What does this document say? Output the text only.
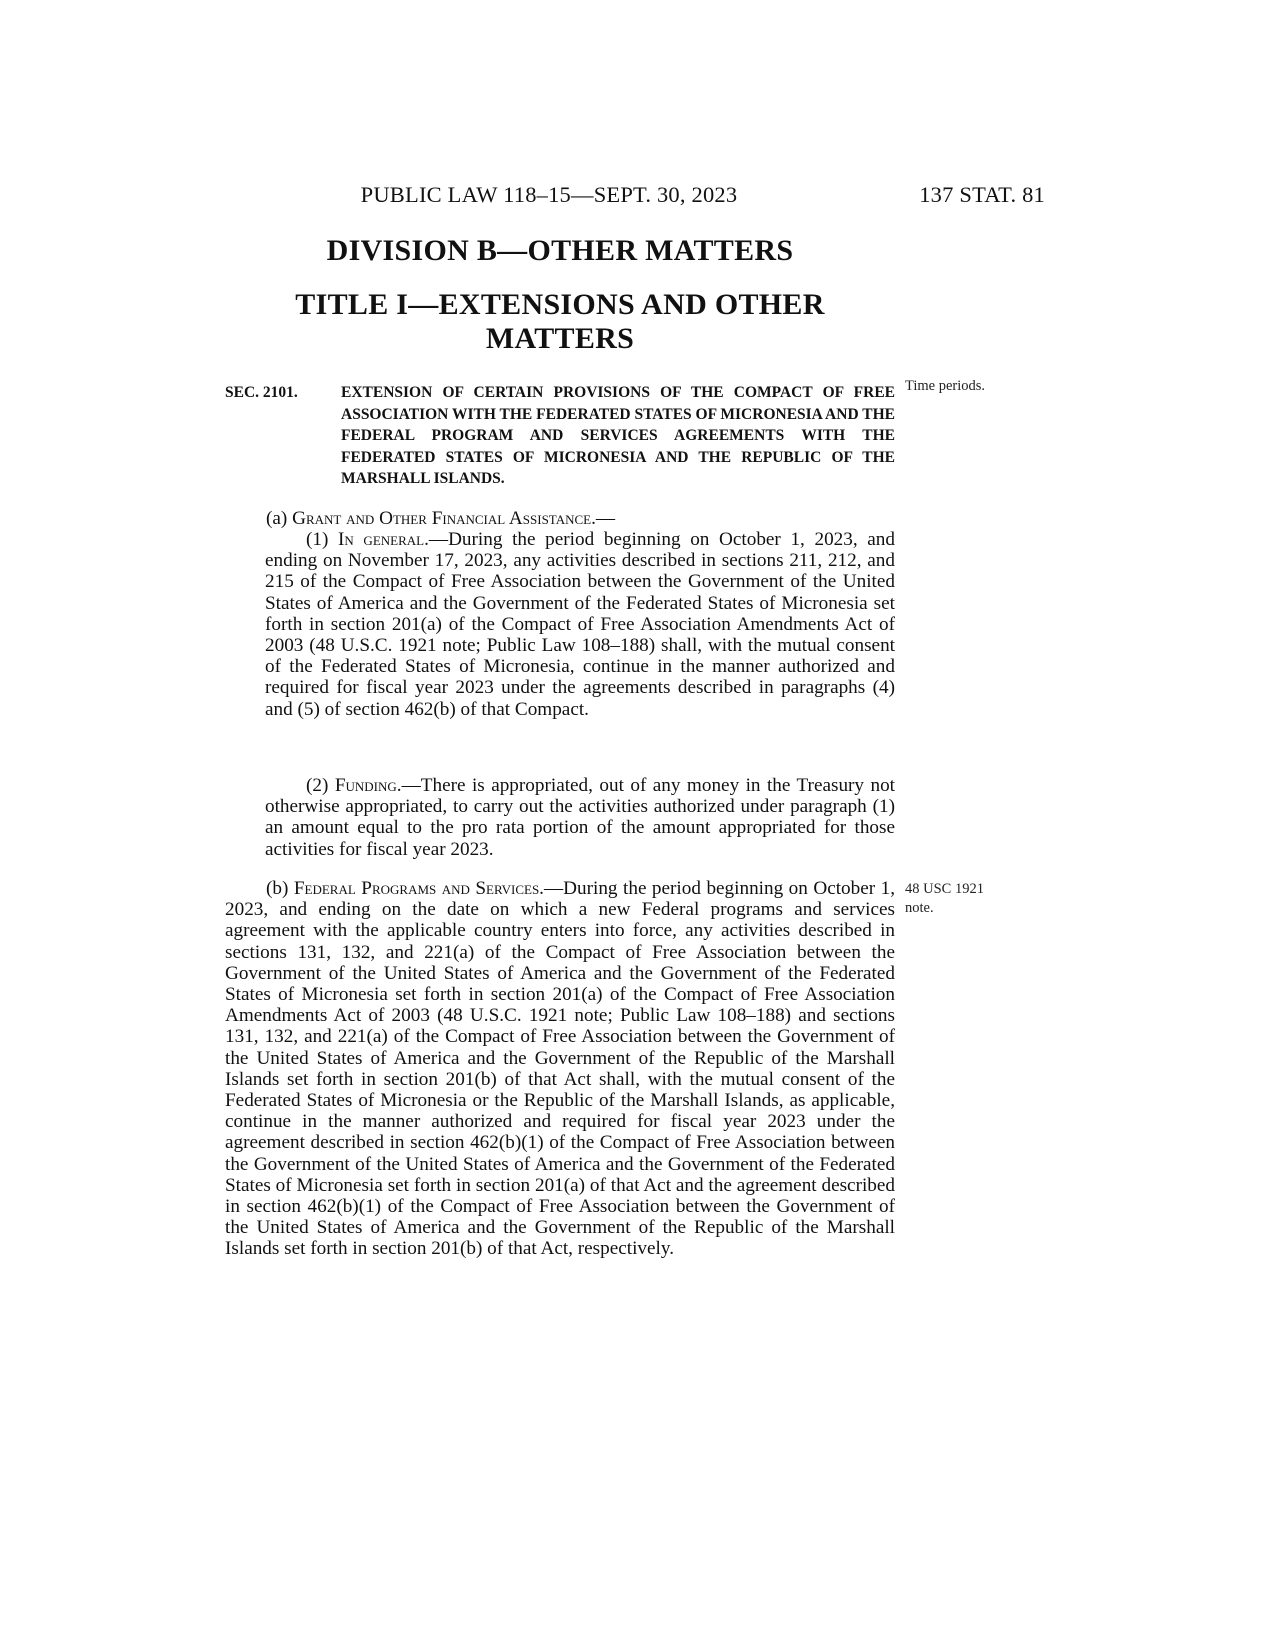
PUBLIC LAW 118–15—SEPT. 30, 2023	137 STAT. 81
DIVISION B—OTHER MATTERS
TITLE I—EXTENSIONS AND OTHER
MATTERS
SEC. 2101.	EXTENSION OF CERTAIN PROVISIONS OF THE COMPACT OF FREE ASSOCIATION WITH THE FEDERATED STATES OF MICRONESIA AND THE FEDERAL PROGRAM AND SERVICES AGREEMENTS WITH THE FEDERATED STATES OF MICRONESIA AND THE REPUBLIC OF THE MARSHALL ISLANDS.
Time periods.
(a) Grant and Other Financial Assistance.—

(1) In general.—During the period beginning on October 1, 2023, and ending on November 17, 2023, any activities described in sections 211, 212, and 215 of the Compact of Free Association between the Government of the United States of America and the Government of the Federated States of Micronesia set forth in section 201(a) of the Compact of Free Association Amendments Act of 2003 (48 U.S.C. 1921 note; Public Law 108–188) shall, with the mutual consent of the Federated States of Micronesia, continue in the manner authorized and required for fiscal year 2023 under the agreements described in paragraphs (4) and (5) of section 462(b) of that Compact.

(2) Funding.—There is appropriated, out of any money in the Treasury not otherwise appropriated, to carry out the activities authorized under paragraph (1) an amount equal to the pro rata portion of the amount appropriated for those activities for fiscal year 2023.

48 USC 1921
note.
(b) Federal Programs and Services.—During the period beginning on October 1, 2023, and ending on the date on which a new Federal programs and services agreement with the applicable country enters into force, any activities described in sections 131, 132, and 221(a) of the Compact of Free Association between the Government of the United States of America and the Government of the Federated States of Micronesia set forth in section 201(a) of the Compact of Free Association Amendments Act of 2003 (48 U.S.C. 1921 note; Public Law 108–188) and sections 131, 132, and 221(a) of the Compact of Free Association between the Government of the United States of America and the Government of the Republic of the Marshall Islands set forth in section 201(b) of that Act shall, with the mutual consent of the Federated States of Micronesia or the Republic of the Marshall Islands, as applicable, continue in the manner authorized and required for fiscal year 2023 under the agreement described in section 462(b)(1) of the Compact of Free Association between the Government of the United States of America and the Government of the Federated States of Micronesia set forth in section 201(a) of that Act and the agreement described in section 462(b)(1) of the Compact of Free Association between the Government of the United States of America and the Government of the Republic of the Marshall Islands set forth in section 201(b) of that Act, respectively.
